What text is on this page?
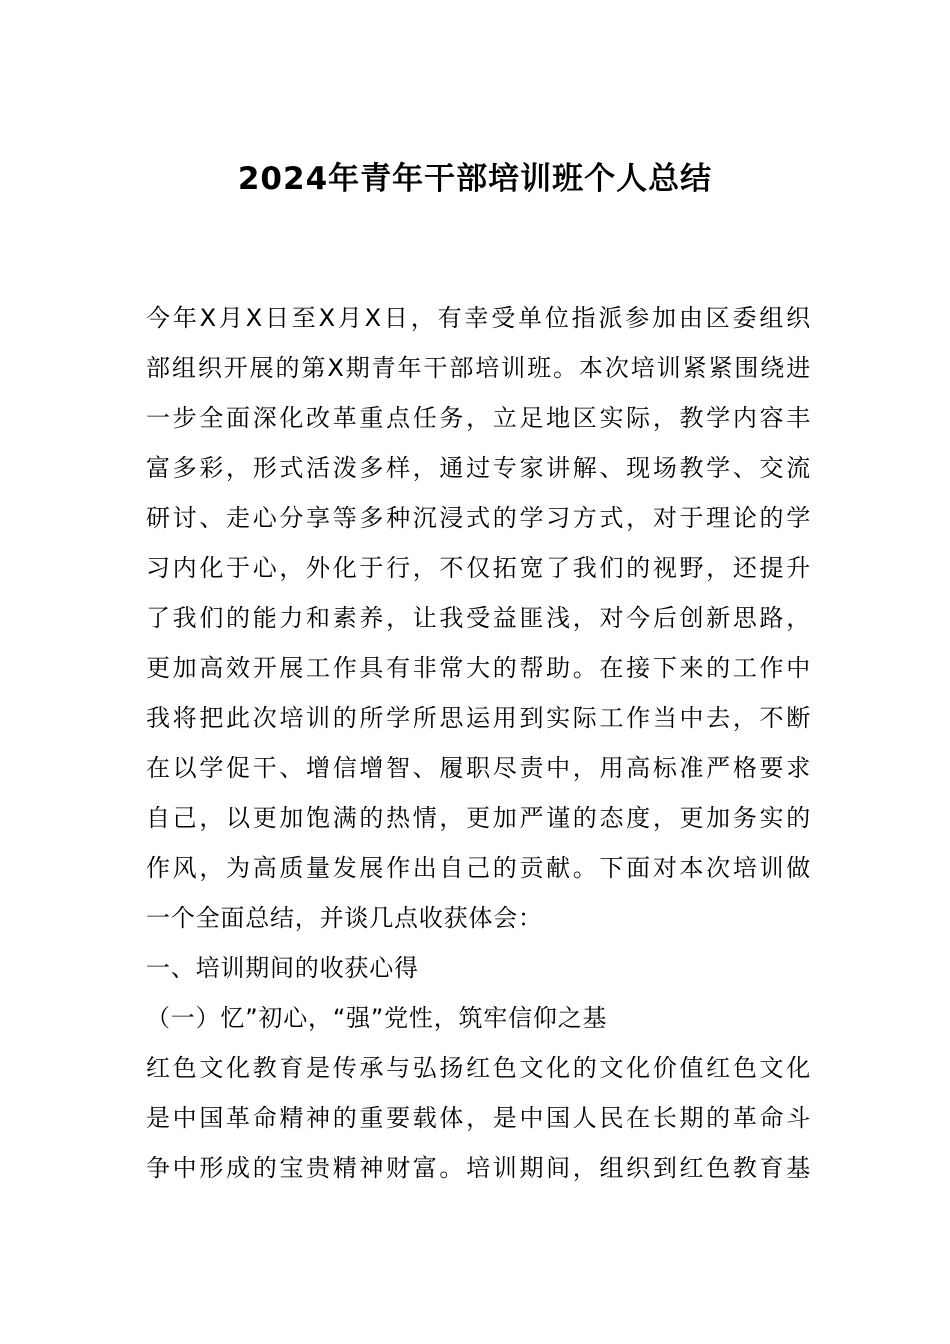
2024年青年干部培训班个人总结
今年X月X日至X月X日，有幸受单位指派参加由区委组织
部组织开展的第X期青年干部培训班。本次培训紧紧围绕进
一步全面深化改革重点任务，立足地区实际，教学内容丰
富多彩，形式活泼多样，通过专家讲解、现场教学、交流
研讨、走心分享等多种沉浸式的学习方式，对于理论的学
习内化于心，外化于行，不仅拓宽了我们的视野，还提升
了我们的能力和素养，让我受益匪浅，对今后创新思路，
更加高效开展工作具有非常大的帮助。在接下来的工作中
我将把此次培训的所学所思运用到实际工作当中去，不断
在以学促干、增信增智、履职尽责中，用高标准严格要求
自己，以更加饱满的热情，更加严谨的态度，更加务实的
作风，为高质量发展作出自己的贡献。下面对本次培训做
一个全面总结，并谈几点收获体会：
一、培训期间的收获心得
（一）忆”初心，“强”党性，筑牢信仰之基
红色文化教育是传承与弘扬红色文化的文化价值红色文化
是中国革命精神的重要载体，是中国人民在长期的革命斗
争中形成的宝贵精神财富。培训期间，组织到红色教育基
